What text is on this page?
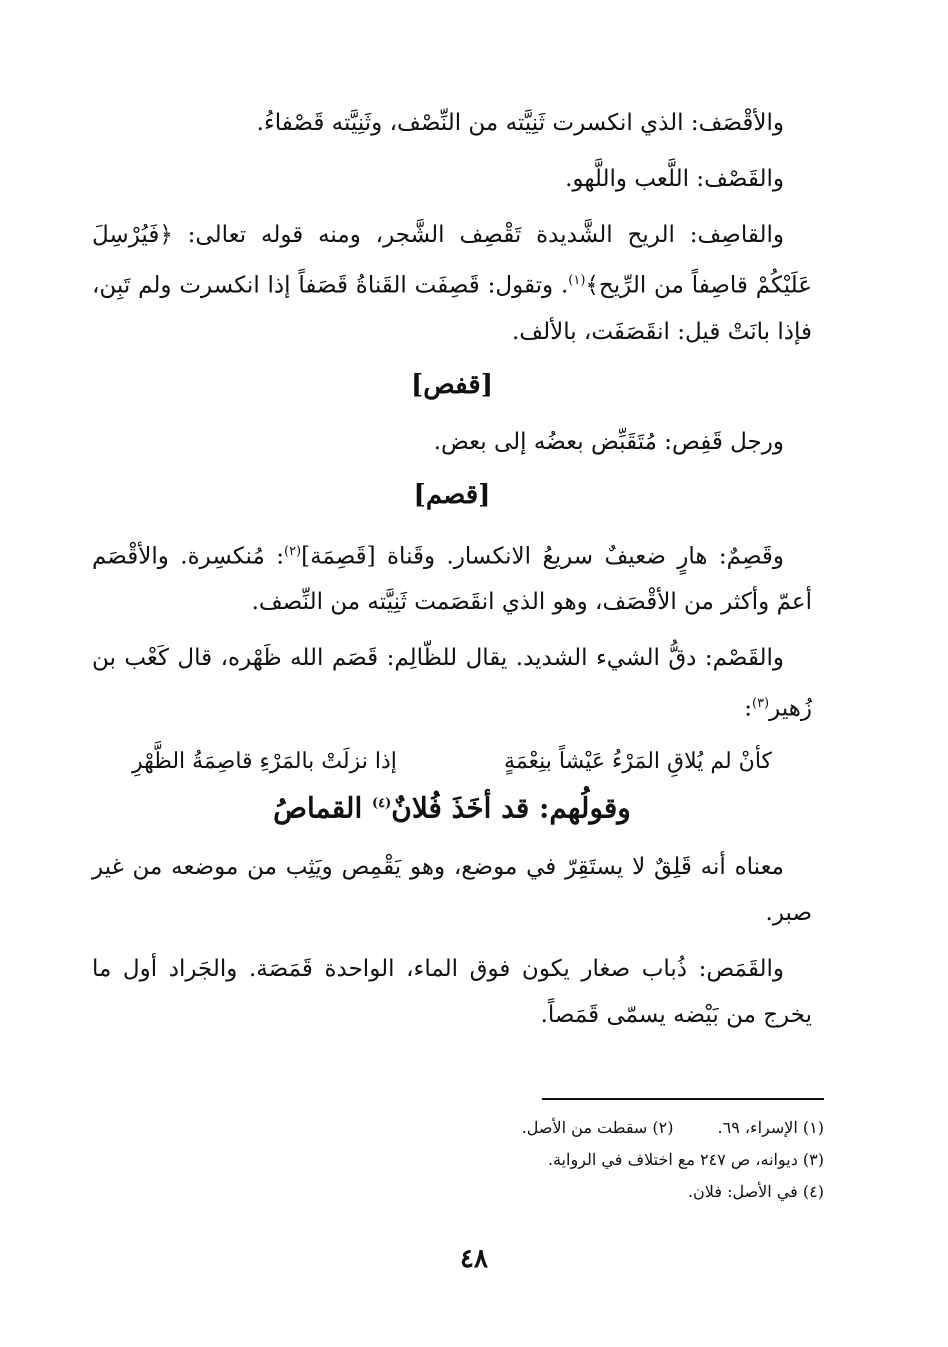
والأقْصَف: الذي انكسرت ثَنِيَّته من النِّصْف، وثَنِيَّته قَصْفاءُ.

والقَصْف: اللَّعب واللَّهو.

والقاصِف: الريح الشَّديدة تَقْصِف الشَّجر، ومنه قوله تعالى: ﴿فَيُرْسِلَ عَلَيْكُمْ قاصِفاً من الرِّيح﴾$^{(١)}$. وتقول: قَصِفَت القَناةُ قَصَفاً إذا انكسرت ولم تَبِن، فإذا بانَتْ قيل: انقَصَفَت، بالألف.

[قفص]

ورجل قَفِص: مُتَقَبِّض بعضُه إلى بعض.

[قصم]

وقَصِمٌ: هارٍ ضعيفٌ سريعُ الانكسار. وقَناة [قَصِمَة]$^{(٢)}$: مُنكسِرة. والأقْصَم أعمّ وأكثر من الأقْصَف، وهو الذي انقَصَمت ثَنِيَّته من النِّصف.

والقَصْم: دقُّ الشيء الشديد. يقال للظّالِم: قَصَم الله ظَهْره، قال كَعْب بن زُهير$^{(٣)}$:

كأنْ لم يُلاقِ المَرْءُ عَيْشاً بنِعْمَةٍ
إذا نزلَتْ بالمَرْءِ قاصِمَةُ الظَّهْرِ
وقولُهم: قد أخَذَ فُلانٌ$^{(٤)}$ القماصُ

معناه أنه قَلِقٌ لا يستَقِرّ في موضع، وهو يَقْمِص ويَثِب من موضعه من غير صبر.

والقَمَص: ذُباب صغار يكون فوق الماء، الواحدة قَمَصَة. والجَراد أول ما يخرج من بَيْضه يسمّى قَمَصاً.

(١) الإسراء، ٦٩.
(٢) سقطت من الأصل.
(٣) ديوانه، ص ٢٤٧ مع اختلاف في الرواية.
(٤) في الأصل: فلان.
٤٨
